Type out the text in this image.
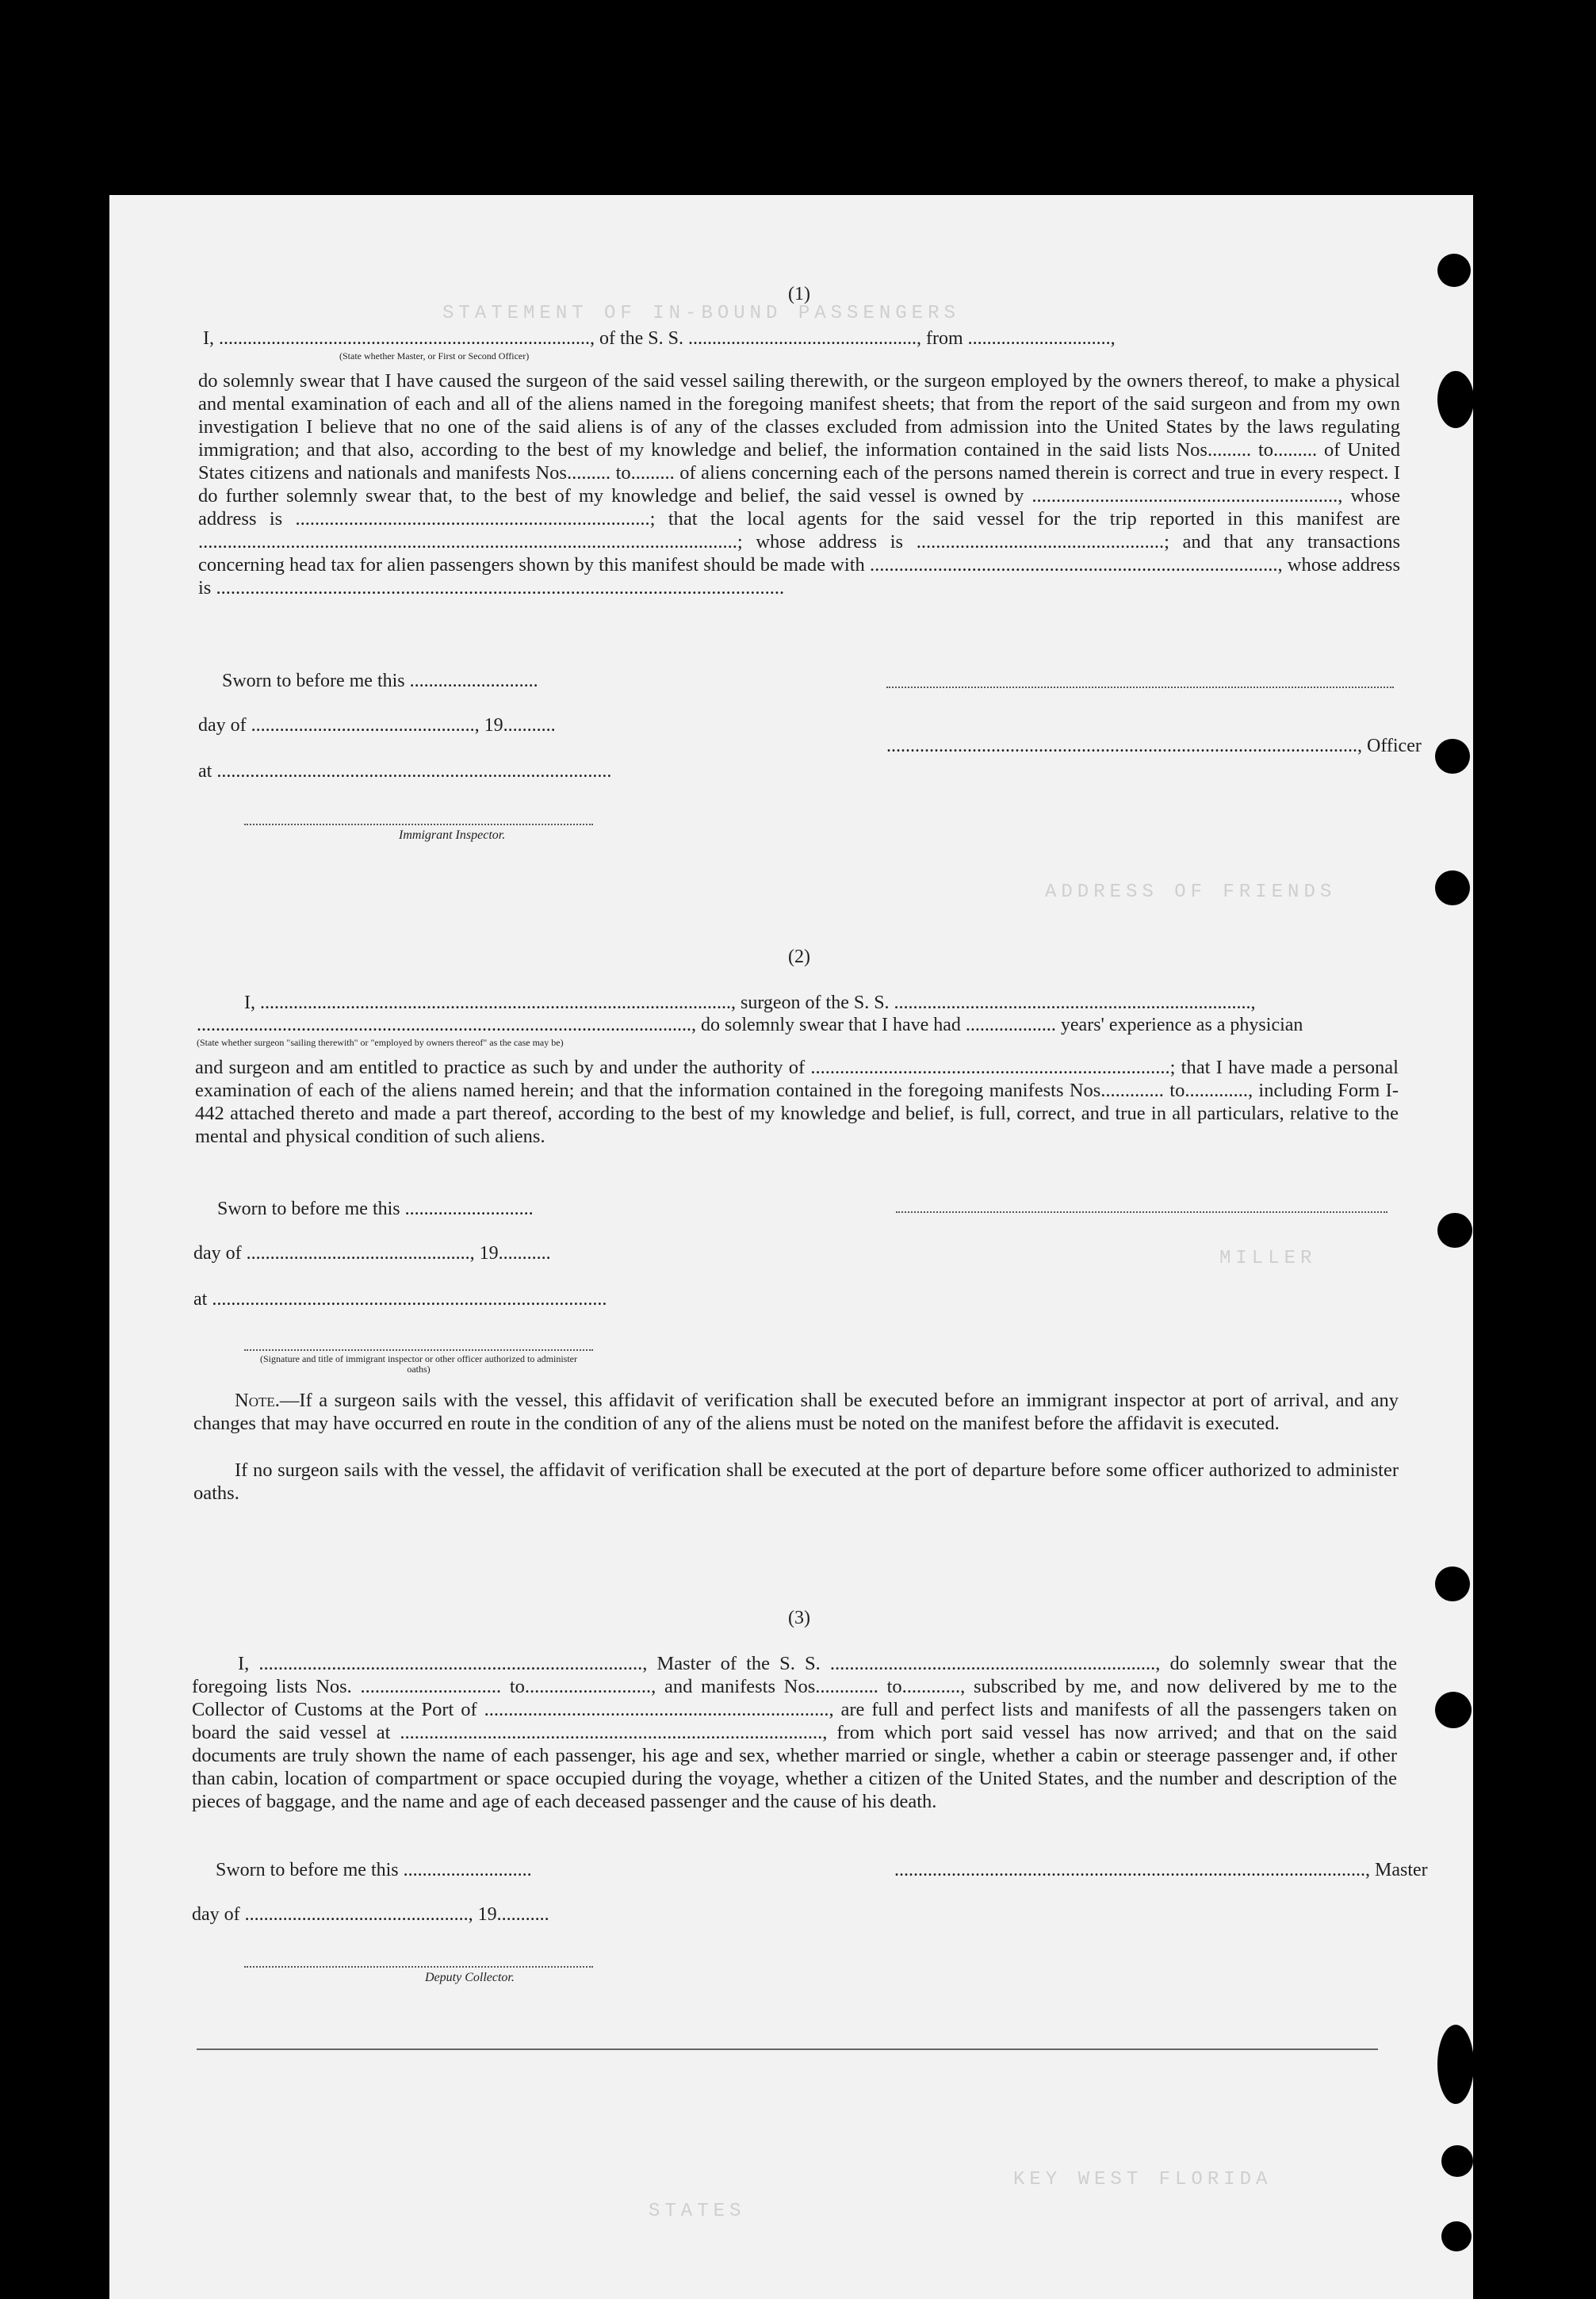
STATEMENT OF IN-BOUND PASSENGERS
MILLER
ADDRESS OF FRIENDS
KEY WEST FLORIDA
STATES
(1)
I, .............................................................................., of the S. S. ................................................, from ..............................,
(State whether Master, or First or Second Officer)
do solemnly swear that I have caused the surgeon of the said vessel sailing therewith, or the surgeon employed by the owners thereof, to make a physical and mental examination of each and all of the aliens named in the foregoing manifest sheets; that from the report of the said surgeon and from my own investigation I believe that no one of the said aliens is of any of the classes excluded from admission into the United States by the laws regulating immigration; and that also, according to the best of my knowledge and belief, the information contained in the said lists Nos......... to......... of United States citizens and nationals and manifests Nos......... to......... of aliens concerning each of the persons named therein is correct and true in every respect. I do further solemnly swear that, to the best of my knowledge and belief, the said vessel is owned by ..............................................................., whose address is .........................................................................; that the local agents for the said vessel for the trip reported in this manifest are ...............................................................................................................; whose address is ...................................................; and that any transactions concerning head tax for alien passengers shown by this manifest should be made with ...................................................................................., whose address is .....................................................................................................................
Sworn to before me this ...........................
day of ..............................................., 19...........
at ...................................................................................
..................................................................................................., Officer
Immigrant Inspector.
(2)
I, ..................................................................................................., surgeon of the S. S. ...........................................................................,
........................................................................................................, do solemnly swear that I have had ................... years' experience as a physician
(State whether surgeon "sailing therewith" or "employed by owners thereof" as the case may be)
and surgeon and am entitled to practice as such by and under the authority of ..........................................................................; that I have made a personal examination of each of the aliens named herein; and that the information contained in the foregoing manifests Nos............. to............., including Form I-442 attached thereto and made a part thereof, according to the best of my knowledge and belief, is full, correct, and true in all particulars, relative to the mental and physical condition of such aliens.
Sworn to before me this ...........................
day of ..............................................., 19...........
at ...................................................................................
(Signature and title of immigrant inspector or other officer authorized to administer oaths)
Note.—If a surgeon sails with the vessel, this affidavit of verification shall be executed before an immigrant inspector at port of arrival, and any changes that may have occurred en route in the condition of any of the aliens must be noted on the manifest before the affidavit is executed.
If no surgeon sails with the vessel, the affidavit of verification shall be executed at the port of departure before some officer authorized to administer oaths.
(3)
I, ..............................................................................., Master of the S. S. ..................................................................., do solemnly swear that the foregoing lists Nos. ............................. to.........................., and manifests Nos............. to............, subscribed by me, and now delivered by me to the Collector of Customs at the Port of ......................................................................., are full and perfect lists and manifests of all the passengers taken on board the said vessel at ......................................................................................., from which port said vessel has now arrived; and that on the said documents are truly shown the name of each passenger, his age and sex, whether married or single, whether a cabin or steerage passenger and, if other than cabin, location of compartment or space occupied during the voyage, whether a citizen of the United States, and the number and description of the pieces of baggage, and the name and age of each deceased passenger and the cause of his death.
Sworn to before me this ...........................
day of ..............................................., 19...........
..................................................................................................., Master
Deputy Collector.
